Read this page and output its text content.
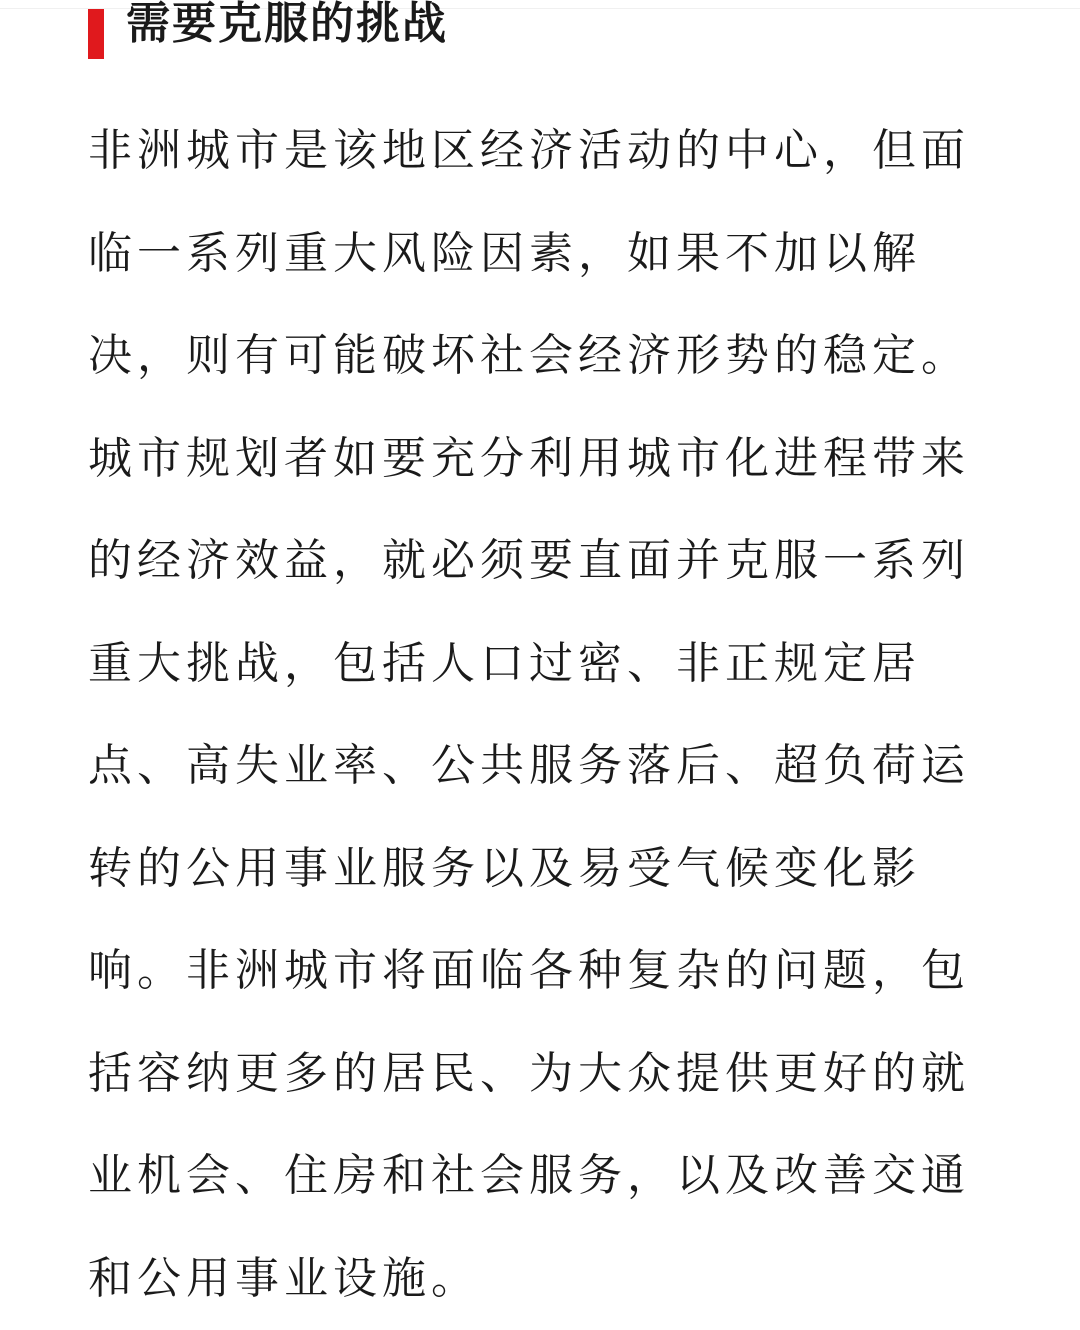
需要克服的挑战
非洲城市是该地区经济活动的中心，但面
临一系列重大风险因素，如果不加以解
决，则有可能破坏社会经济形势的稳定。
城市规划者如要充分利用城市化进程带来
的经济效益，就必须要直面并克服一系列
重大挑战，包括人口过密、非正规定居
点、高失业率、公共服务落后、超负荷运
转的公用事业服务以及易受气候变化影
响。非洲城市将面临各种复杂的问题，包
括容纳更多的居民、为大众提供更好的就
业机会、住房和社会服务，以及改善交通
和公用事业设施。
